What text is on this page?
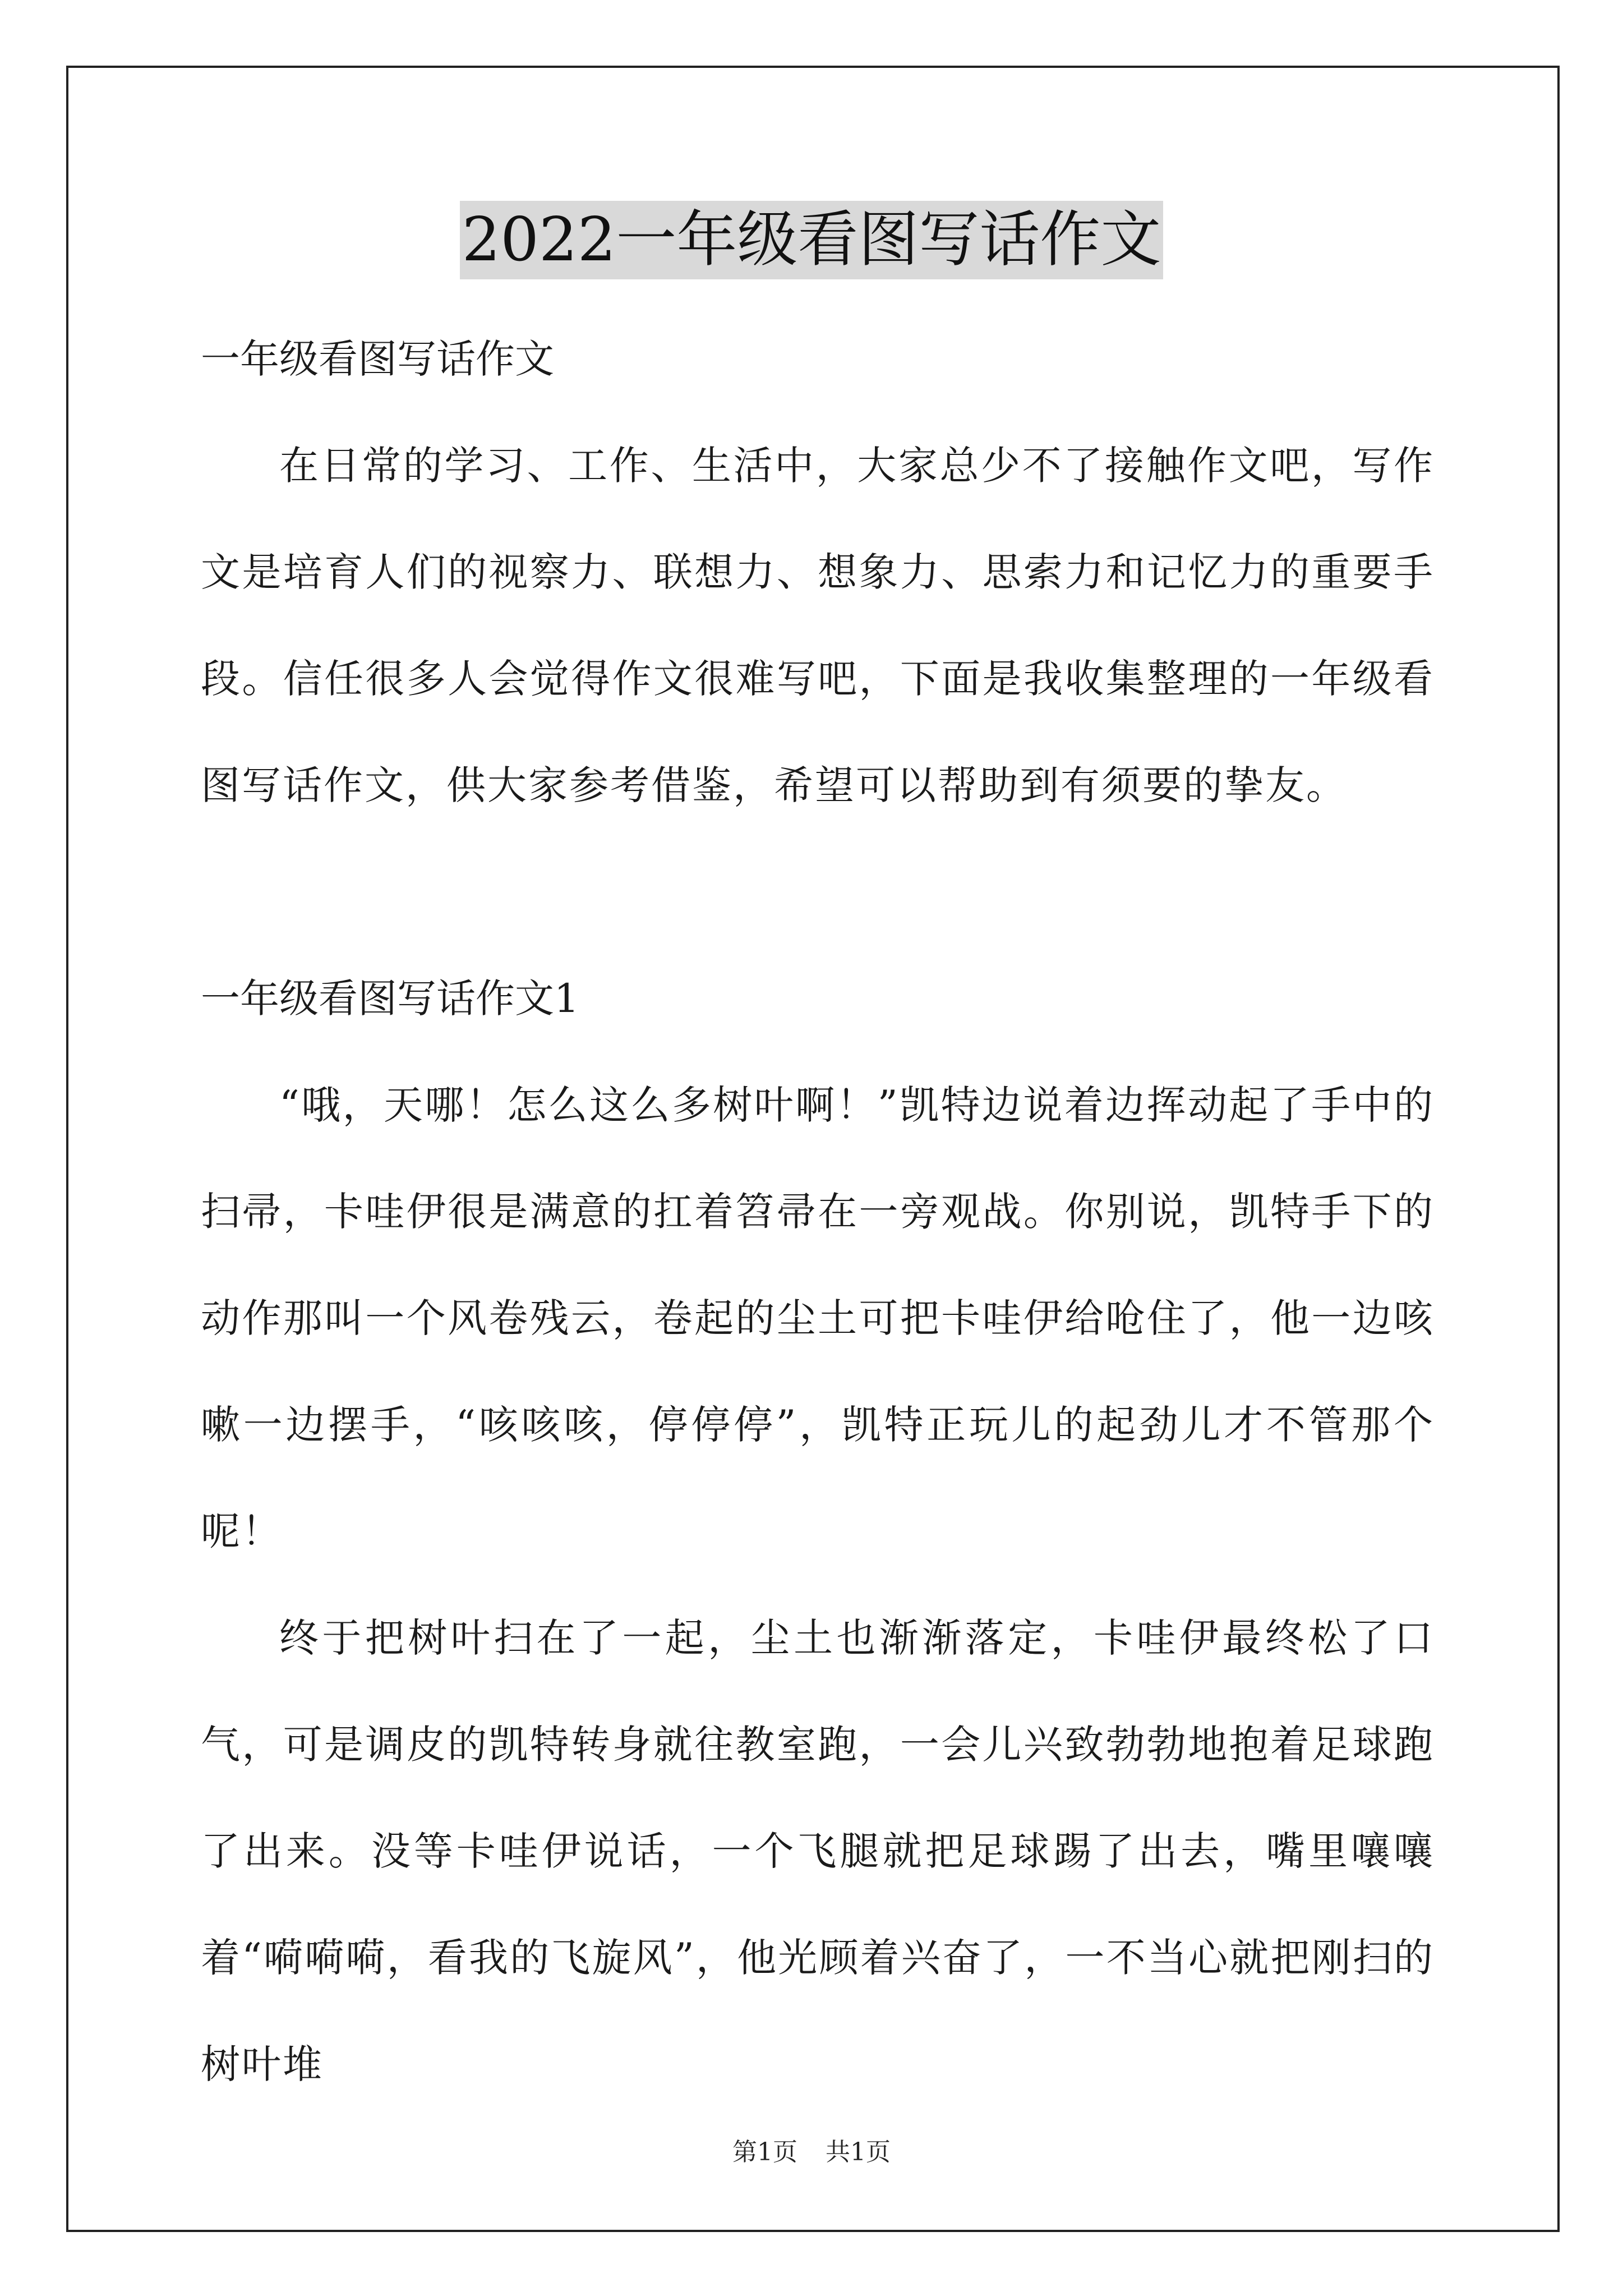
2022一年级看图写话作文

一年级看图写话作文

在日常的学习、工作、生活中，大家总少不了接触作文吧，写作文是培育人们的视察力、联想力、想象力、思索力和记忆力的重要手段。信任很多人会觉得作文很难写吧，下面是我收集整理的一年级看图写话作文，供大家参考借鉴，希望可以帮助到有须要的挚友。

一年级看图写话作文1

“哦，天哪！怎么这么多树叶啊！”凯特边说着边挥动起了手中的扫帚，卡哇伊很是满意的扛着笤帚在一旁观战。你别说，凯特手下的动作那叫一个风卷残云，卷起的尘土可把卡哇伊给呛住了，他一边咳嗽一边摆手，“咳咳咳，停停停”，凯特正玩儿的起劲儿才不管那个呢！

终于把树叶扫在了一起，尘土也渐渐落定，卡哇伊最终松了口气，可是调皮的凯特转身就往教室跑，一会儿兴致勃勃地抱着足球跑了出来。没等卡哇伊说话，一个飞腿就把足球踢了出去，嘴里嚷嚷着“嗬嗬嗬，看我的飞旋风”，他光顾着兴奋了，一不当心就把刚扫的树叶堆

第1页 共1页
